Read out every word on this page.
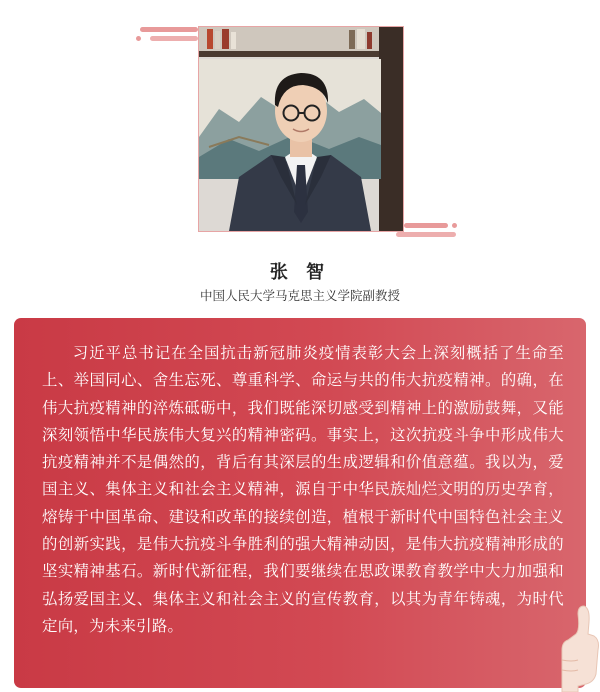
张 智
中国人民大学马克思主义学院副教授

习近平总书记在全国抗击新冠肺炎疫情表彰大会上深刻概括了生命至上、举国同心、舍生忘死、尊重科学、命运与共的伟大抗疫精神。的确，在伟大抗疫精神的淬炼砥砺中，我们既能深切感受到精神上的激励鼓舞，又能深刻领悟中华民族伟大复兴的精神密码。事实上，这次抗疫斗争中形成伟大抗疫精神并不是偶然的，背后有其深层的生成逻辑和价值意蕴。我以为，爱国主义、集体主义和社会主义精神，源自于中华民族灿烂文明的历史孕育，熔铸于中国革命、建设和改革的接续创造，植根于新时代中国特色社会主义的创新实践，是伟大抗疫斗争胜利的强大精神动因，是伟大抗疫精神形成的坚实精神基石。新时代新征程，我们要继续在思政课教育教学中大力加强和弘扬爱国主义、集体主义和社会主义的宣传教育，以其为青年铸魂，为时代定向，为未来引路。
